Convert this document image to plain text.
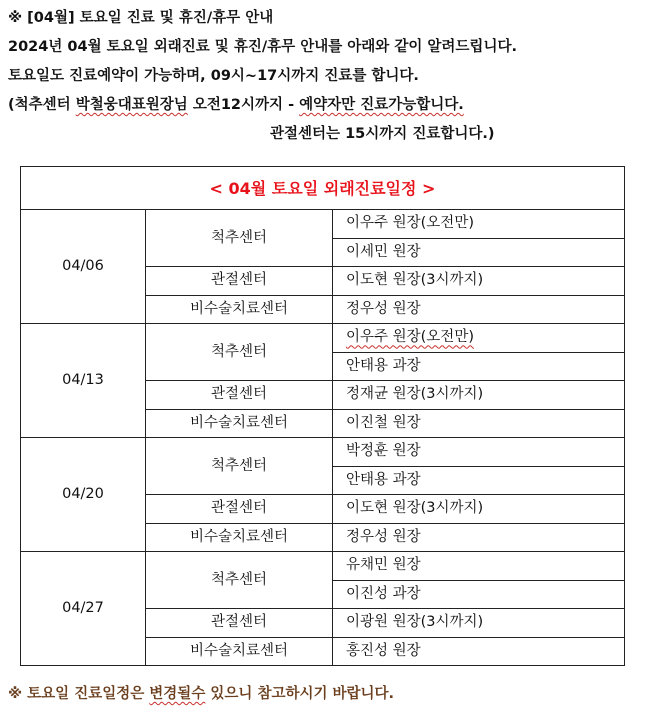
※ [04월] 토요일 진료 및 휴진/휴무 안내
2024년 04월 토요일 외래진료 및 휴진/휴무 안내를 아래와 같이 알려드립니다.
토요일도 진료예약이 가능하며, 09시~17시까지 진료를 합니다.
(척추센터 박철웅대표원장님 오전12시까지 - 예약자만 진료가능합니다.
관절센터는 15시까지 진료합니다.)
< 04월 토요일 외래진료일정 >		
04/06	척추센터	이우주 원장(오전만)
		이세민 원장
	관절센터	이도현 원장(3시까지)
	비수술치료센터	정우성 원장
04/13	척추센터	이우주 원장(오전만)
		안태용 과장
	관절센터	정재균 원장(3시까지)
	비수술치료센터	이진철 원장
04/20	척추센터	박정훈 원장
		안태용 과장
	관절센터	이도현 원장(3시까지)
	비수술치료센터	정우성 원장
04/27	척추센터	유채민 원장
		이진성 과장
	관절센터	이광원 원장(3시까지)
	비수술치료센터	홍진성 원장
※ 토요일 진료일정은 변경될수 있으니 참고하시기 바랍니다.
